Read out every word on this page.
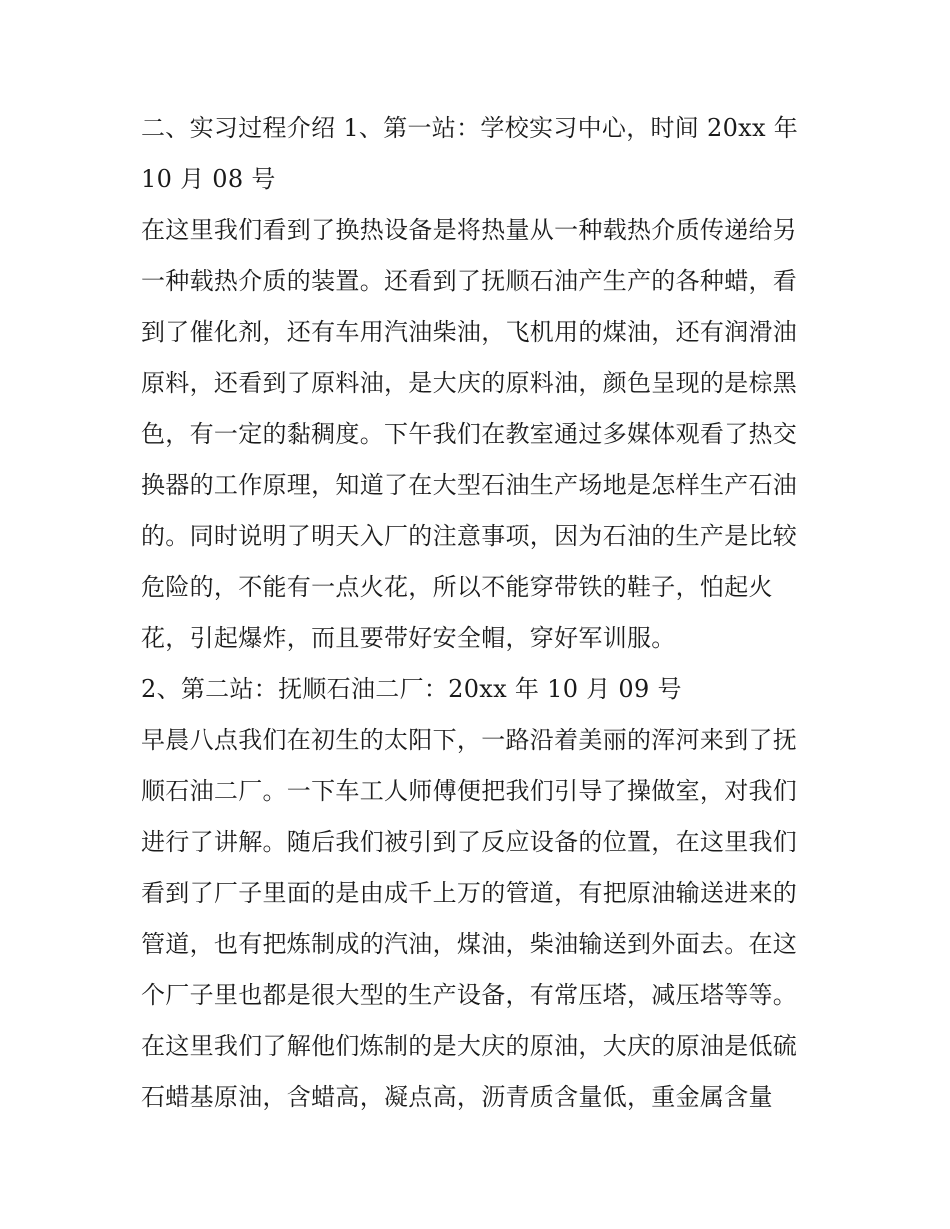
二、实习过程介绍 1、第一站：学校实习中心，时间 20xx 年
10 月 08 号
在这里我们看到了换热设备是将热量从一种载热介质传递给另
一种载热介质的装置。还看到了抚顺石油产生产的各种蜡，看
到了催化剂，还有车用汽油柴油，飞机用的煤油，还有润滑油
原料，还看到了原料油，是大庆的原料油，颜色呈现的是棕黑
色，有一定的黏稠度。下午我们在教室通过多媒体观看了热交
换器的工作原理，知道了在大型石油生产场地是怎样生产石油
的。同时说明了明天入厂的注意事项，因为石油的生产是比较
危险的，不能有一点火花，所以不能穿带铁的鞋子，怕起火
花，引起爆炸，而且要带好安全帽，穿好军训服。
2、第二站：抚顺石油二厂：20xx 年 10 月 09 号
早晨八点我们在初生的太阳下，一路沿着美丽的浑河来到了抚
顺石油二厂。一下车工人师傅便把我们引导了操做室，对我们
进行了讲解。随后我们被引到了反应设备的位置，在这里我们
看到了厂子里面的是由成千上万的管道，有把原油输送进来的
管道，也有把炼制成的汽油，煤油，柴油输送到外面去。在这
个厂子里也都是很大型的生产设备，有常压塔，减压塔等等。
在这里我们了解他们炼制的是大庆的原油，大庆的原油是低硫
石蜡基原油，含蜡高，凝点高，沥青质含量低，重金属含量
